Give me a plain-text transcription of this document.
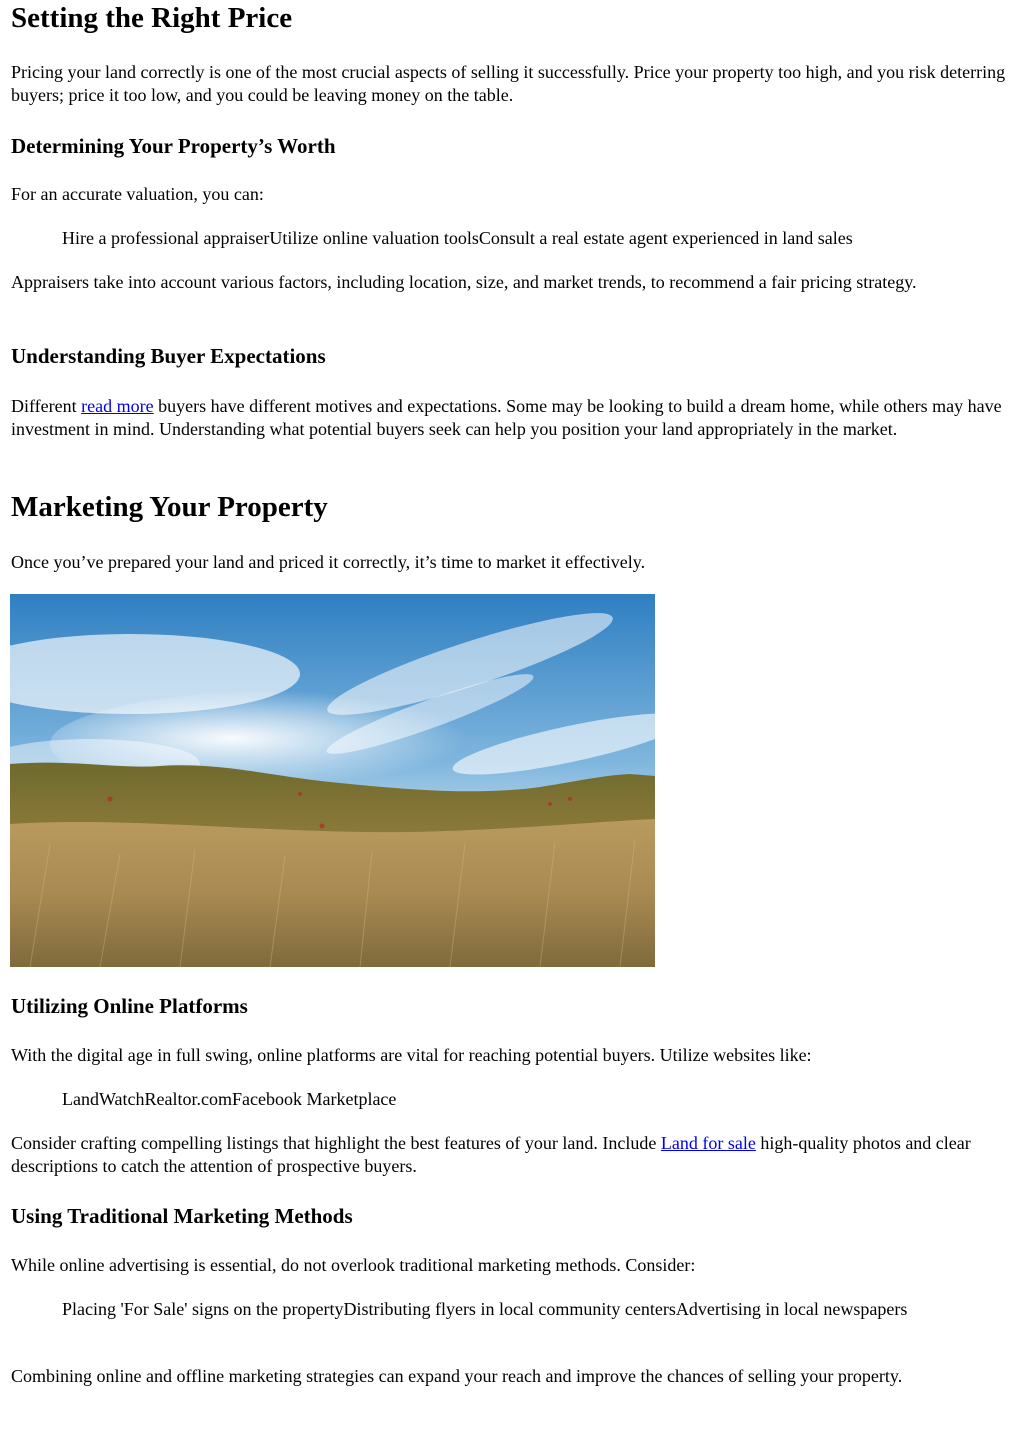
Setting the Right Price

Pricing your land correctly is one of the most crucial aspects of selling it successfully. Price your property too high, and you risk deterring buyers; price it too low, and you could be leaving money on the table.

Determining Your Property’s Worth

For an accurate valuation, you can:

Hire a professional appraiserUtilize online valuation toolsConsult a real estate agent experienced in land sales

Appraisers take into account various factors, including location, size, and market trends, to recommend a fair pricing strategy.

Understanding Buyer Expectations

Different read more buyers have different motives and expectations. Some may be looking to build a dream home, while others may have investment in mind. Understanding what potential buyers seek can help you position your land appropriately in the market.

Marketing Your Property

Once you’ve prepared your land and priced it correctly, it’s time to market it effectively.

Utilizing Online Platforms

With the digital age in full swing, online platforms are vital for reaching potential buyers. Utilize websites like:

LandWatchRealtor.comFacebook Marketplace

Consider crafting compelling listings that highlight the best features of your land. Include Land for sale high-quality photos and clear descriptions to catch the attention of prospective buyers.

Using Traditional Marketing Methods

While online advertising is essential, do not overlook traditional marketing methods. Consider:

Placing 'For Sale' signs on the propertyDistributing flyers in local community centersAdvertising in local newspapers

Combining online and offline marketing strategies can expand your reach and improve the chances of selling your property.
